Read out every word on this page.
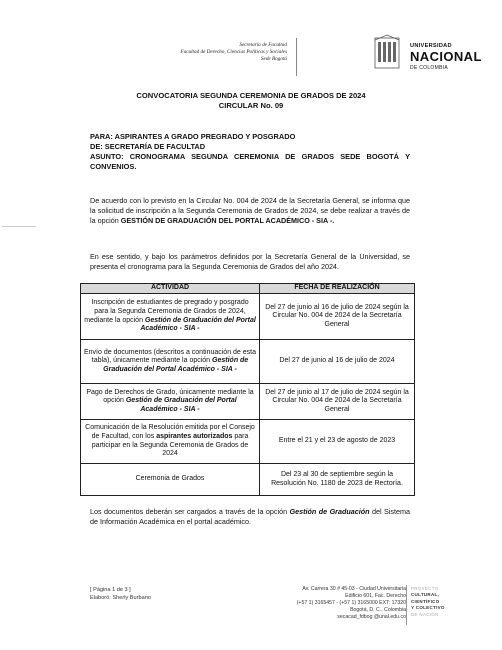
Secretaría de Facultad
Facultad de Derecho, Ciencias Políticas y Sociales
Sede Bogotá
UNIVERSIDAD
NACIONAL
DE COLOMBIA
CONVOCATORIA SEGUNDA CEREMONIA DE GRADOS DE 2024
CIRCULAR No. 09
PARA: ASPIRANTES A GRADO PREGRADO Y POSGRADO
DE: SECRETARÍA DE FACULTAD
ASUNTO: CRONOGRAMA SEGUNDA CEREMONIA DE GRADOS SEDE BOGOTÁ Y CONVENIOS.
De acuerdo con lo previsto en la Circular No. 004 de 2024 de la Secretaría General, se informa que la solicitud de inscripción a la Segunda Ceremonia de Grados de 2024, se debe realizar a través de la opción GESTIÓN DE GRADUACIÓN DEL PORTAL ACADÉMICO - SIA -.
En ese sentido, y bajo los parámetros definidos por la Secretaría General de la Universidad, se presenta el cronograma para la Segunda Ceremonia de Grados del año 2024.
ACTIVIDAD	FECHA DE REALIZACIÓN
Inscripción de estudiantes de pregrado y posgrado para la Segunda Ceremonia de Grados de 2024, mediante la opción Gestión de Graduación del Portal Académico - SIA -	Del 27 de junio al 16 de julio de 2024 según la Circular No. 004 de 2024 de la Secretaría General
Envío de documentos (descritos a continuación de esta tabla), únicamente mediante la opción Gestión de Graduación del Portal Académico - SIA -	Del 27 de junio al 16 de julio de 2024
Pago de Derechos de Grado, únicamente mediante la opción Gestión de Graduación del Portal Académico - SIA -	Del 27 de junio al 17 de julio de 2024 según la Circular No. 004 de 2024 de la Secretaría General
Comunicación de la Resolución emitida por el Consejo de Facultad, con los aspirantes autorizados para participar en la Segunda Ceremonia de Grados de 2024	Entre el 21 y el 23 de agosto de 2023
Ceremonia de Grados	Del 23 al 30 de septiembre según la Resolución No. 1180 de 2023 de Rectoría.
Los documentos deberán ser cargados a través de la opción Gestión de Graduación del Sistema de Información Académica en el portal académico.
[ Página 1 de 3 ]
Elaboró: Sherly Burbano
Av. Carrera 30 # 45-03 - Ciudad Universitaria
Edificio 601, Fac. Derecho
(+57 1) 3165457 - (+57 1) 3165000 EXT: 17320
Bogotá, D. C., Colombia
secacad_fdbog @unal.edu.co
PROYECTO
CULTURAL,
CIENTÍFICO
Y COLECTIVO
DE NACIÓN
